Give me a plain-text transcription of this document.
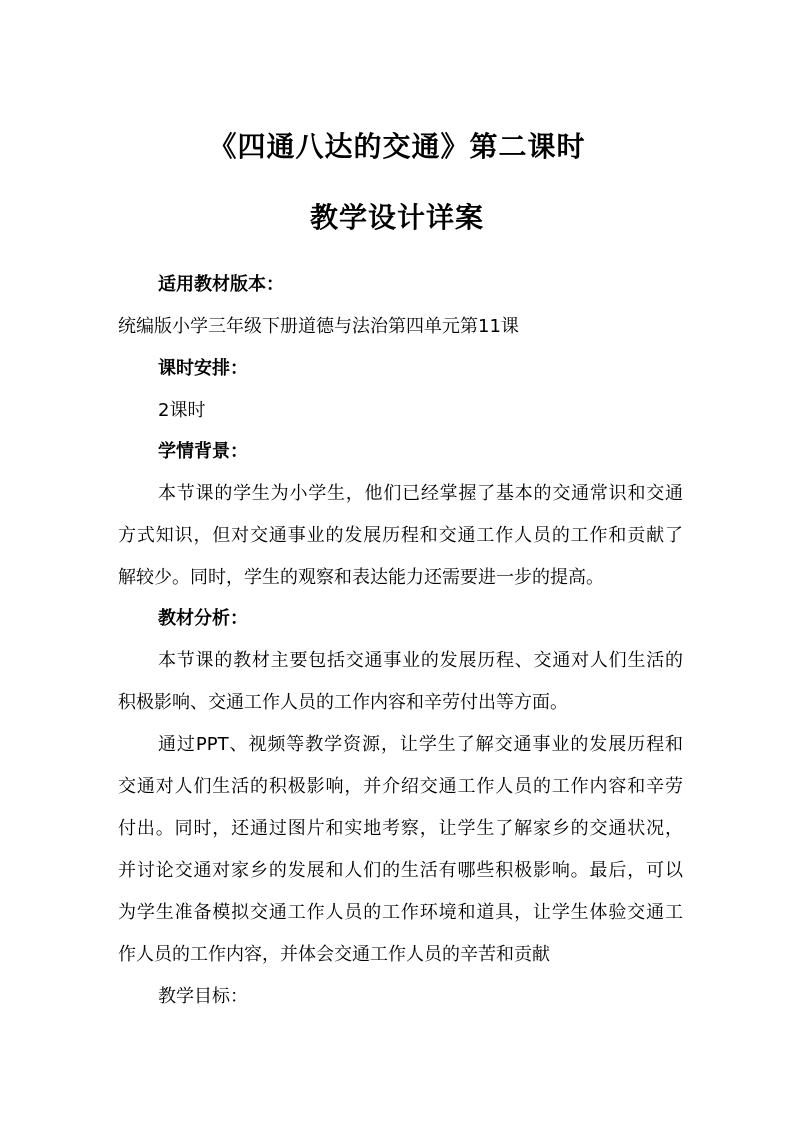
《四通八达的交通》第二课时
教学设计详案
适用教材版本：
统编版小学三年级下册道德与法治第四单元第11课
课时安排：
2课时
学情背景：
本节课的学生为小学生，他们已经掌握了基本的交通常识和交通
方式知识，但对交通事业的发展历程和交通工作人员的工作和贡献了
解较少。同时，学生的观察和表达能力还需要进一步的提高。
教材分析：
本节课的教材主要包括交通事业的发展历程、交通对人们生活的
积极影响、交通工作人员的工作内容和辛劳付出等方面。
通过PPT、视频等教学资源，让学生了解交通事业的发展历程和
交通对人们生活的积极影响，并介绍交通工作人员的工作内容和辛劳
付出。同时，还通过图片和实地考察，让学生了解家乡的交通状况，
并讨论交通对家乡的发展和人们的生活有哪些积极影响。最后，可以
为学生准备模拟交通工作人员的工作环境和道具，让学生体验交通工
作人员的工作内容，并体会交通工作人员的辛苦和贡献
教学目标：
